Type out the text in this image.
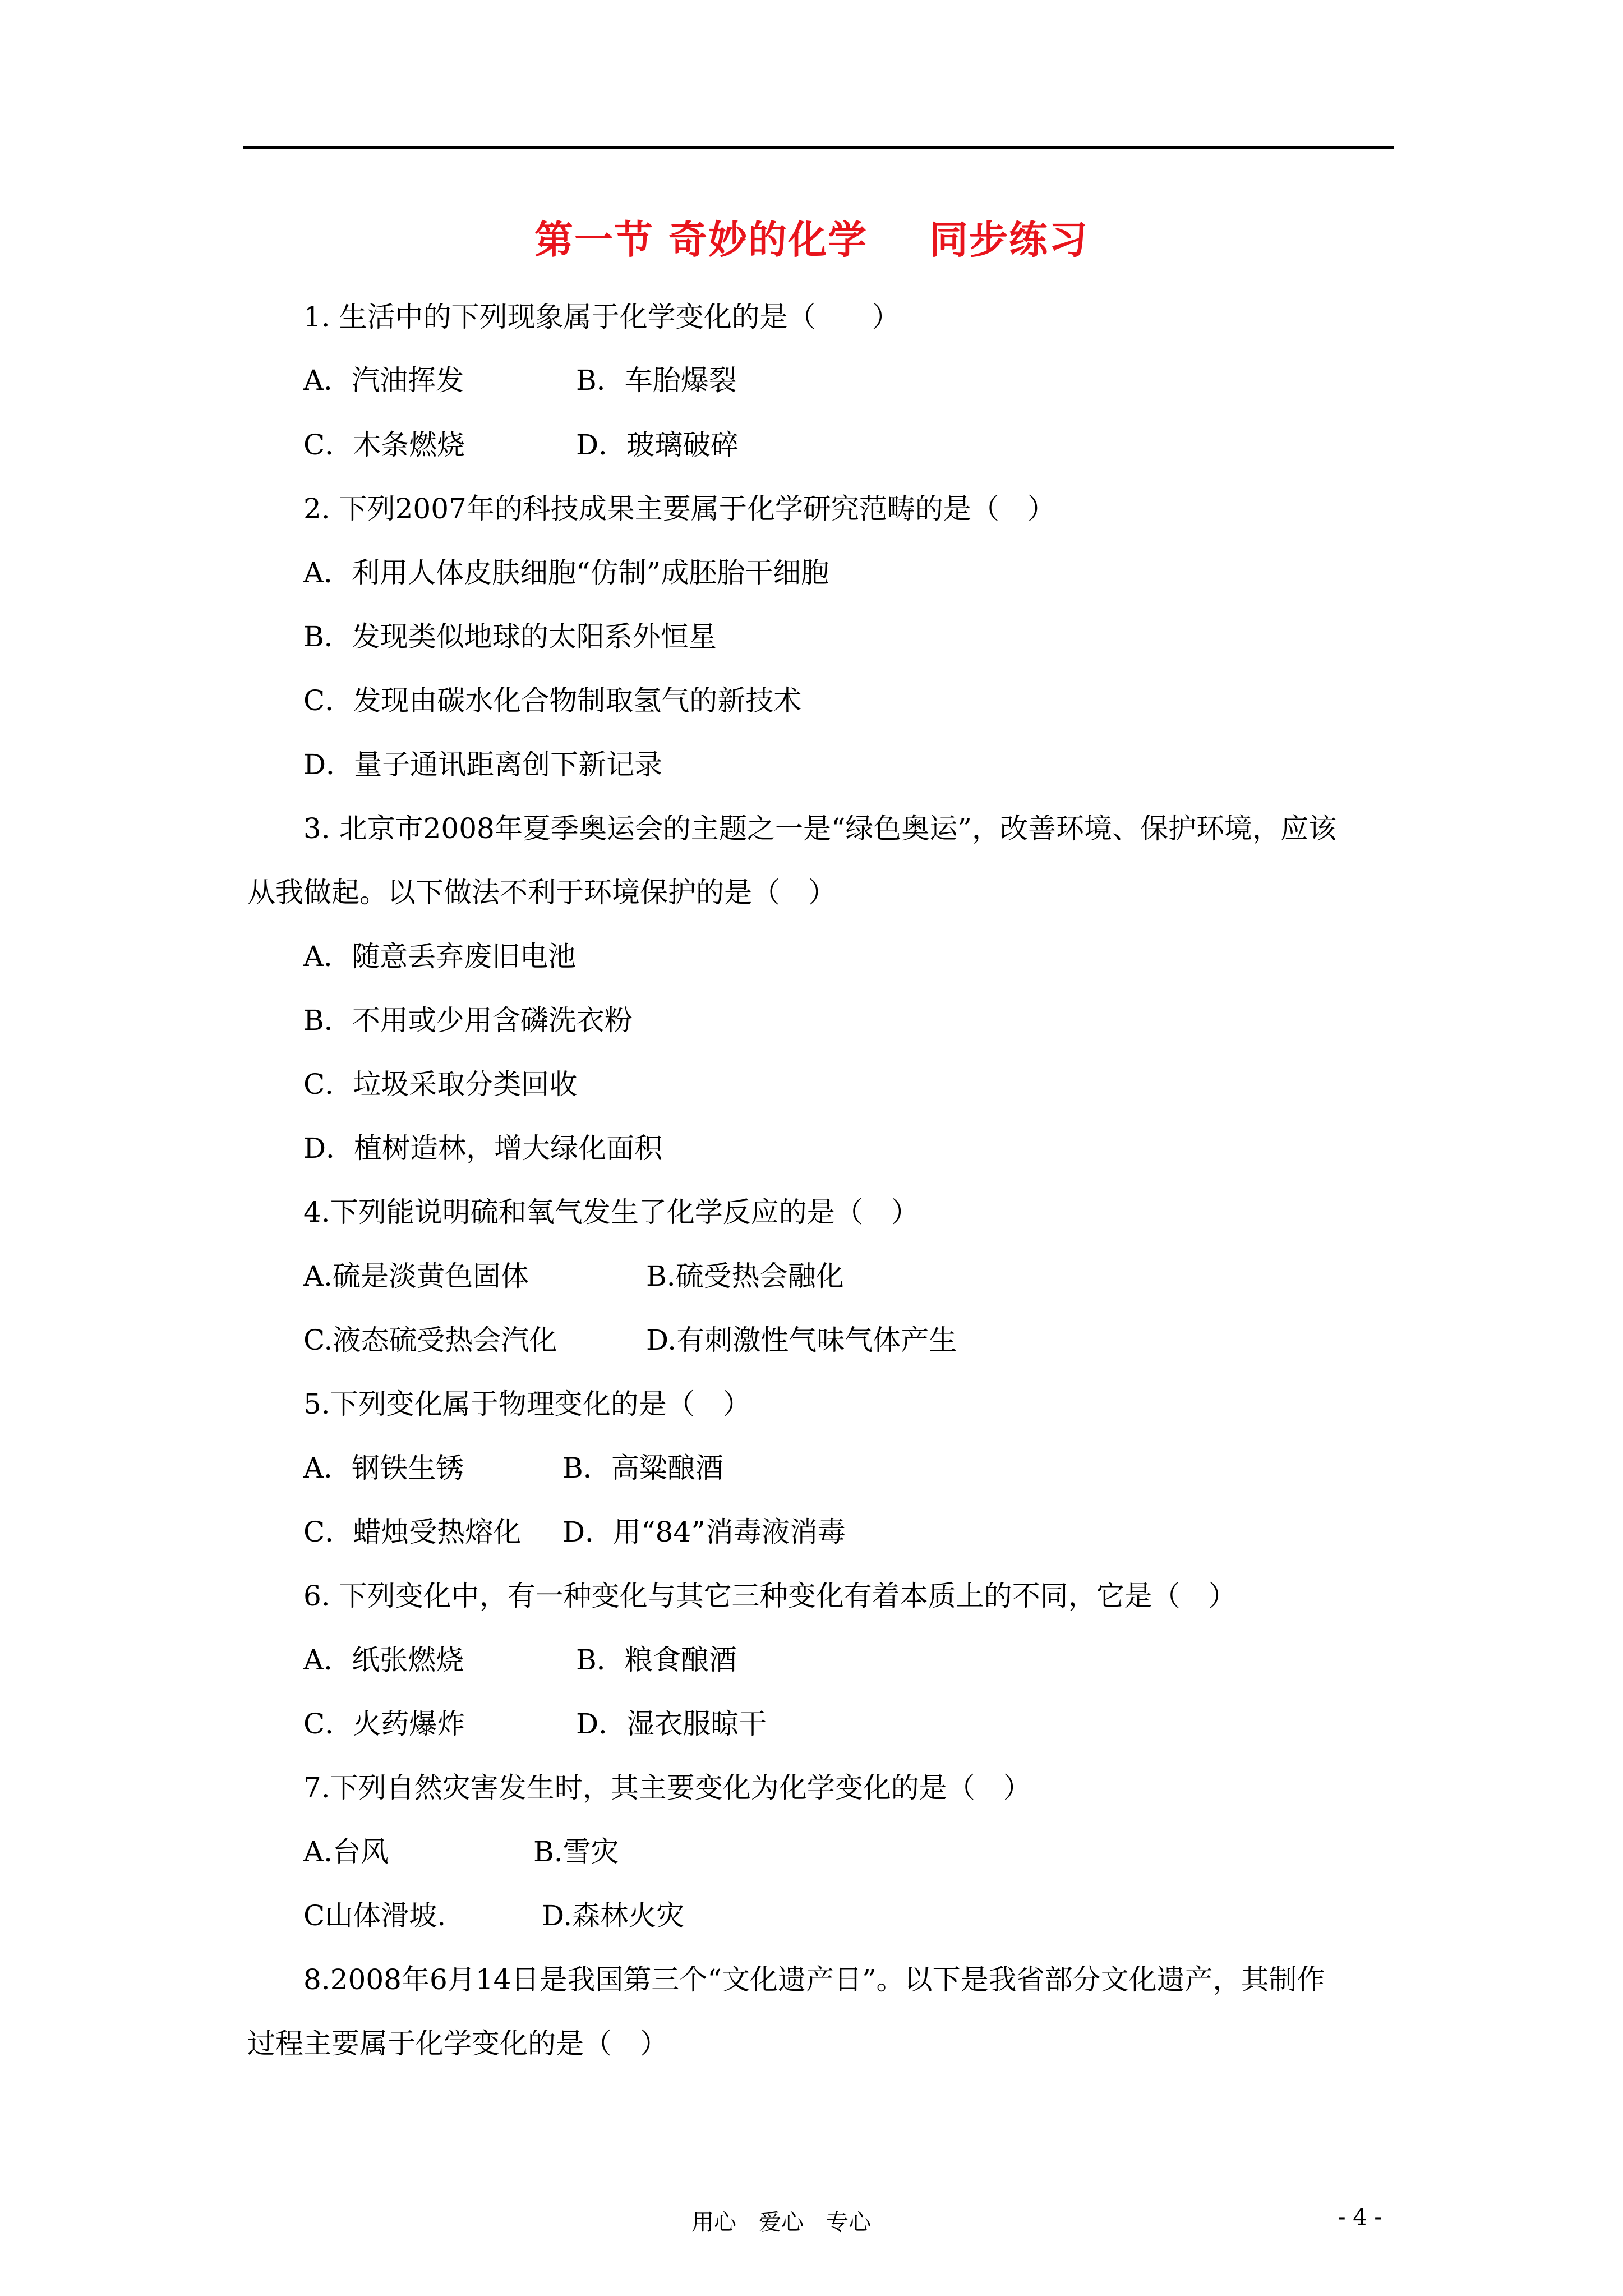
第一节 奇妙的化学 同步练习
1. 生活中的下列现象属于化学变化的是（　　）
A．汽油挥发	B．车胎爆裂
C．木条燃烧	D．玻璃破碎
2. 下列2007年的科技成果主要属于化学研究范畴的是（　）
A．利用人体皮肤细胞“仿制”成胚胎干细胞
B．发现类似地球的太阳系外恒星
C．发现由碳水化合物制取氢气的新技术
D．量子通讯距离创下新记录
3. 北京市2008年夏季奥运会的主题之一是“绿色奥运”，改善环境、保护环境，应该
从我做起。以下做法不利于环境保护的是（　）
A．随意丢弃废旧电池
B．不用或少用含磷洗衣粉
C．垃圾采取分类回收
D．植树造林，增大绿化面积
4.下列能说明硫和氧气发生了化学反应的是（　）
A.硫是淡黄色固体	B.硫受热会融化
C.液态硫受热会汽化	D.有刺激性气味气体产生
5.下列变化属于物理变化的是（　）
A．钢铁生锈	B．高粱酿酒
C．蜡烛受热熔化 D．用“84”消毒液消毒
6. 下列变化中，有一种变化与其它三种变化有着本质上的不同，它是（　）
A．纸张燃烧	B．粮食酿酒
C．火药爆炸	D．湿衣服晾干
7.下列自然灾害发生时，其主要变化为化学变化的是（　）
A.台风	B.雪灾
C山体滑坡.	D.森林火灾
8.2008年6月14日是我国第三个“文化遗产日”。以下是我省部分文化遗产，其制作
过程主要属于化学变化的是（　）
用心　爱心　专心	- 4 -
